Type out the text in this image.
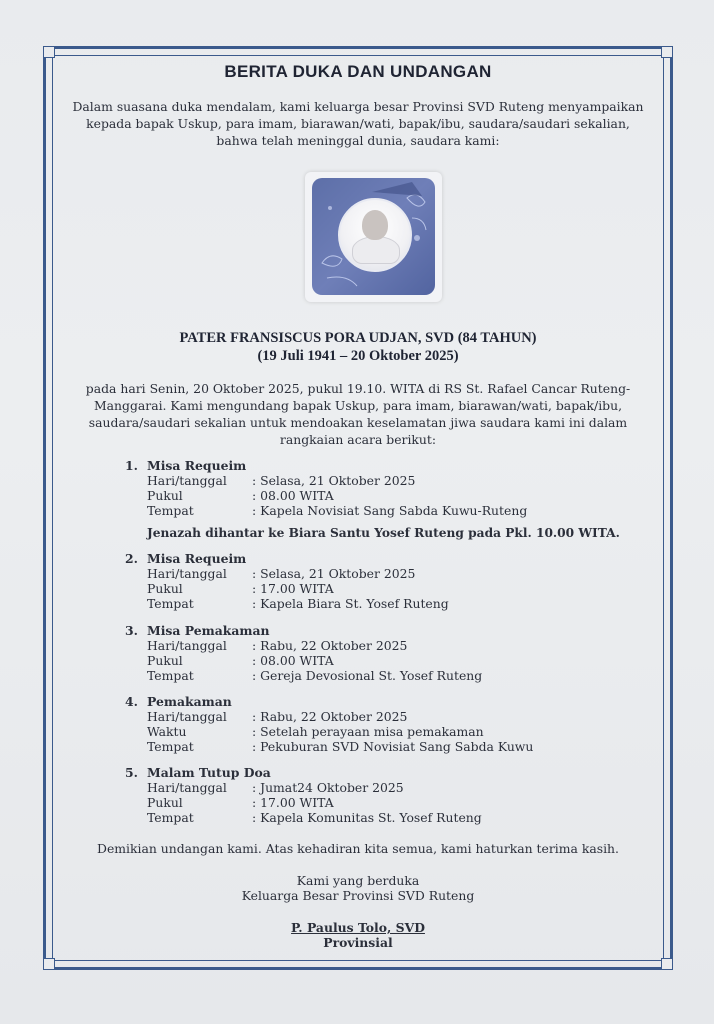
BERITA DUKA DAN UNDANGAN
Dalam suasana duka mendalam, kami keluarga besar Provinsi SVD Ruteng menyampaikan
kepada bapak Uskup, para imam, biarawan/wati, bapak/ibu, saudara/saudari sekalian,
bahwa telah meninggal dunia, saudara kami:
PATER FRANSISCUS PORA UDJAN, SVD (84 TAHUN)
(19 Juli 1941 – 20 Oktober 2025)
pada hari Senin, 20 Oktober 2025, pukul 19.10. WITA di RS St. Rafael Cancar Ruteng-
Manggarai. Kami mengundang bapak Uskup, para imam, biarawan/wati, bapak/ibu,
saudara/saudari sekalian untuk mendoakan keselamatan jiwa saudara kami ini dalam
rangkaian acara berikut:
1. Misa Requeim
Hari/tanggal : Selasa, 21 Oktober 2025
Pukul	: 08.00 WITA
Tempat	: Kapela Novisiat Sang Sabda Kuwu-Ruteng
Jenazah dihantar ke Biara Santu Yosef Ruteng pada Pkl. 10.00 WITA.
2. Misa Requeim
Hari/tanggal : Selasa, 21 Oktober 2025
Pukul	: 17.00 WITA
Tempat	: Kapela Biara St. Yosef Ruteng
3. Misa Pemakaman
Hari/tanggal : Rabu, 22 Oktober 2025
Pukul	: 08.00 WITA
Tempat	: Gereja Devosional St. Yosef Ruteng
4. Pemakaman
Hari/tanggal : Rabu, 22 Oktober 2025
Waktu	: Setelah perayaan misa pemakaman
Tempat	: Pekuburan SVD Novisiat Sang Sabda Kuwu
5. Malam Tutup Doa
Hari/tanggal : Jumat24 Oktober 2025
Pukul	: 17.00 WITA
Tempat	: Kapela Komunitas St. Yosef Ruteng
Demikian undangan kami. Atas kehadiran kita semua, kami haturkan terima kasih.
Kami yang berduka
Keluarga Besar Provinsi SVD Ruteng
P. Paulus Tolo, SVD
Provinsial
